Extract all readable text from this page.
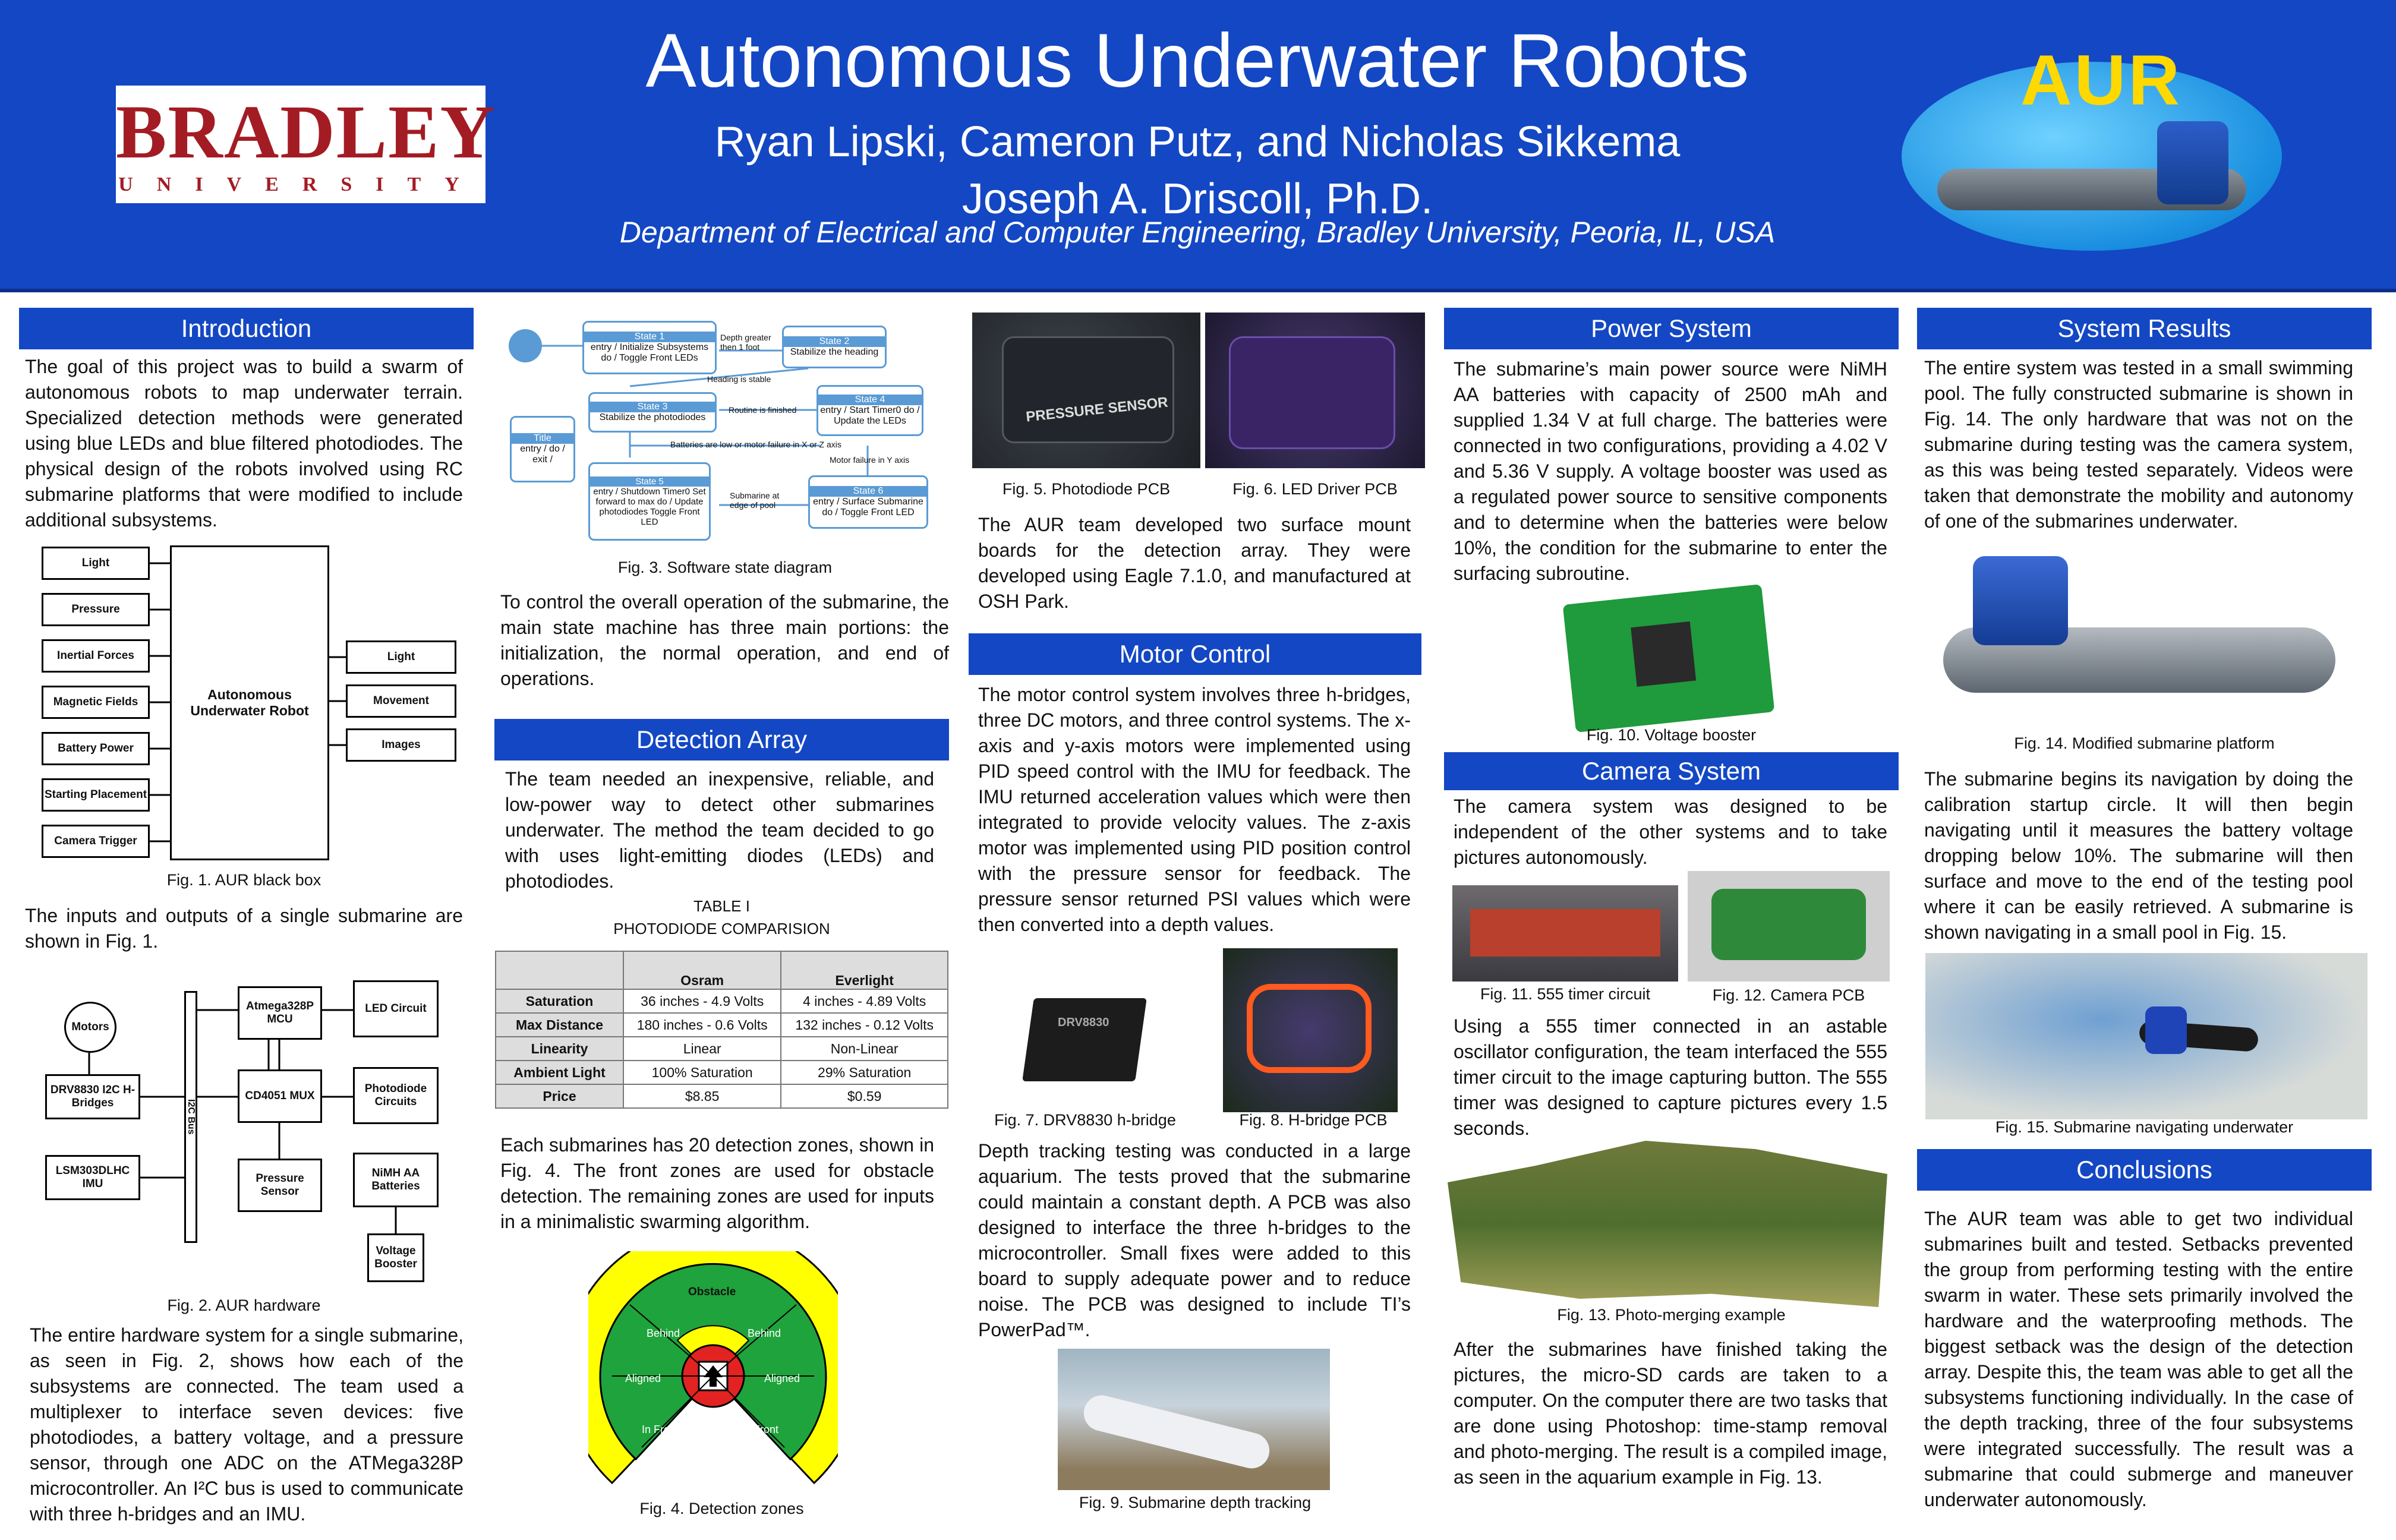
BRADLEY
UNIVERSITY
Autonomous Underwater Robots
Ryan Lipski, Cameron Putz, and Nicholas Sikkema
Joseph A. Driscoll, Ph.D.
Department of Electrical and Computer Engineering, Bradley University, Peoria, IL, USA
AUR
Introduction
The goal of this project was to build a swarm of autonomous robots to map underwater terrain. Specialized detection methods were generated using blue LEDs and blue filtered photodiodes. The physical design of the robots involved using RC submarine platforms that were modified to include additional subsystems.
Light
Pressure
Inertial Forces
Magnetic Fields
Battery Power
Starting Placement
Camera Trigger
Autonomous Underwater Robot
Light
Movement
Images
Fig. 1. AUR black box
The inputs and outputs of a single submarine are shown in Fig. 1.
Motors
DRV8830 I2C H-Bridges
LSM303DLHC IMU
I2C Bus
Atmega328P MCU
CD4051 MUX
Pressure Sensor
LED Circuit
Photodiode Circuits
NiMH AA Batteries
Voltage Booster
Fig. 2. AUR hardware
The entire hardware system for a single submarine, as seen in Fig. 2, shows how each of the subsystems are connected. The team used a multiplexer to interface seven devices: five photodiodes, a battery voltage, and a pressure sensor, through one ADC on the ATMega328P microcontroller. An I²C bus is used to communicate with three h-bridges and an IMU.
State 1
entry / Initialize Subsystems do / Toggle Front LEDs
State 2
Stabilize the heading
State 3
Stabilize the photodiodes
State 4
entry / Start Timer0 do / Update the LEDs
Title
entry / do / exit /
State 5
entry / Shutdown Timer0 Set forward to max do / Update photodiodes Toggle Front LED
State 6
entry / Surface Submarine do / Toggle Front LED
Depth greater then 1 foot
Heading is stable
Routine is finished
Batteries are low or motor failure in X or Z axis
Motor failure in Y axis
Submarine at edge of pool
Fig. 3. Software state diagram
To control the overall operation of the submarine, the main state machine has three main portions: the initialization, the normal operation, and end of operations.
Detection Array
The team needed an inexpensive, reliable, and low-power way to detect other submarines underwater. The method the team decided to go with uses light-emitting diodes (LEDs) and photodiodes.
TABLE I
PHOTODIODE COMPARISION
	Osram	Everlight
Saturation	36 inches - 4.9 Volts	4 inches - 4.89 Volts
Max Distance	180 inches - 0.6 Volts	132 inches - 0.12 Volts
Linearity	Linear	Non-Linear
Ambient Light	100% Saturation	29% Saturation
Price	$8.85	$0.59
Each submarines has 20 detection zones, shown in Fig. 4. The front zones are used for obstacle detection. The remaining zones are used for inputs in a minimalistic swarming algorithm.
Obstacle
Behind	Behind
Aligned	Aligned
In Front	In Front
Fig. 4. Detection zones
PRESSURE SENSOR
Fig. 5. Photodiode PCB	Fig. 6. LED Driver PCB
The AUR team developed two surface mount boards for the detection array. They were developed using Eagle 7.1.0, and manufactured at OSH Park.
Motor Control
The motor control system involves three h-bridges, three DC motors, and three control systems. The x-axis and y-axis motors were implemented using PID speed control with the IMU for feedback. The IMU returned acceleration values which were then integrated to provide velocity values. The z-axis motor was implemented using PID position control with the pressure sensor for feedback. The pressure sensor returned PSI values which were then converted into a depth values.
DRV8830
Fig. 7. DRV8830 h-bridge	Fig. 8. H-bridge PCB
Depth tracking testing was conducted in a large aquarium. The tests proved that the submarine could maintain a constant depth. A PCB was also designed to interface the three h-bridges to the microcontroller. Small fixes were added to this board to supply adequate power and to reduce noise. The PCB was designed to include TI’s PowerPad™.
Fig. 9. Submarine depth tracking
Power System
The submarine’s main power source were NiMH AA batteries with capacity of 2500 mAh and supplied 1.34 V at full charge. The batteries were connected in two configurations, providing a 4.02 V and 5.36 V supply. A voltage booster was used as a regulated power source to sensitive components and to determine when the batteries were below 10%, the condition for the submarine to enter the surfacing subroutine.
Fig. 10. Voltage booster
Camera System
The camera system was designed to be independent of the other systems and to take pictures autonomously.
Fig. 11. 555 timer circuit	Fig. 12. Camera PCB
Using a 555 timer connected in an astable oscillator configuration, the team interfaced the 555 timer circuit to the image capturing button. The 555 timer was designed to capture pictures every 1.5 seconds.
Fig. 13. Photo-merging example
After the submarines have finished taking the pictures, the micro-SD cards are taken to a computer. On the computer there are two tasks that are done using Photoshop: time-stamp removal and photo-merging. The result is a compiled image, as seen in the aquarium example in Fig. 13.
System Results
The entire system was tested in a small swimming pool. The fully constructed submarine is shown in Fig. 14. The only hardware that was not on the submarine during testing was the camera system, as this was being tested separately. Videos were taken that demonstrate the mobility and autonomy of one of the submarines underwater.
Fig. 14. Modified submarine platform
The submarine begins its navigation by doing the calibration startup circle. It will then begin navigating until it measures the battery voltage dropping below 10%. The submarine will then surface and move to the end of the testing pool where it can be easily retrieved. A submarine is shown navigating in a small pool in Fig. 15.
Fig. 15. Submarine navigating underwater
Conclusions
The AUR team was able to get two individual submarines built and tested. Setbacks prevented the group from performing testing with the entire swarm in water. These sets primarily involved the hardware and the waterproofing methods. The biggest setback was the design of the detection array. Despite this, the team was able to get all the subsystems functioning individually. In the case of the depth tracking, three of the four subsystems were integrated successfully. The result was a submarine that could submerge and maneuver underwater autonomously.
